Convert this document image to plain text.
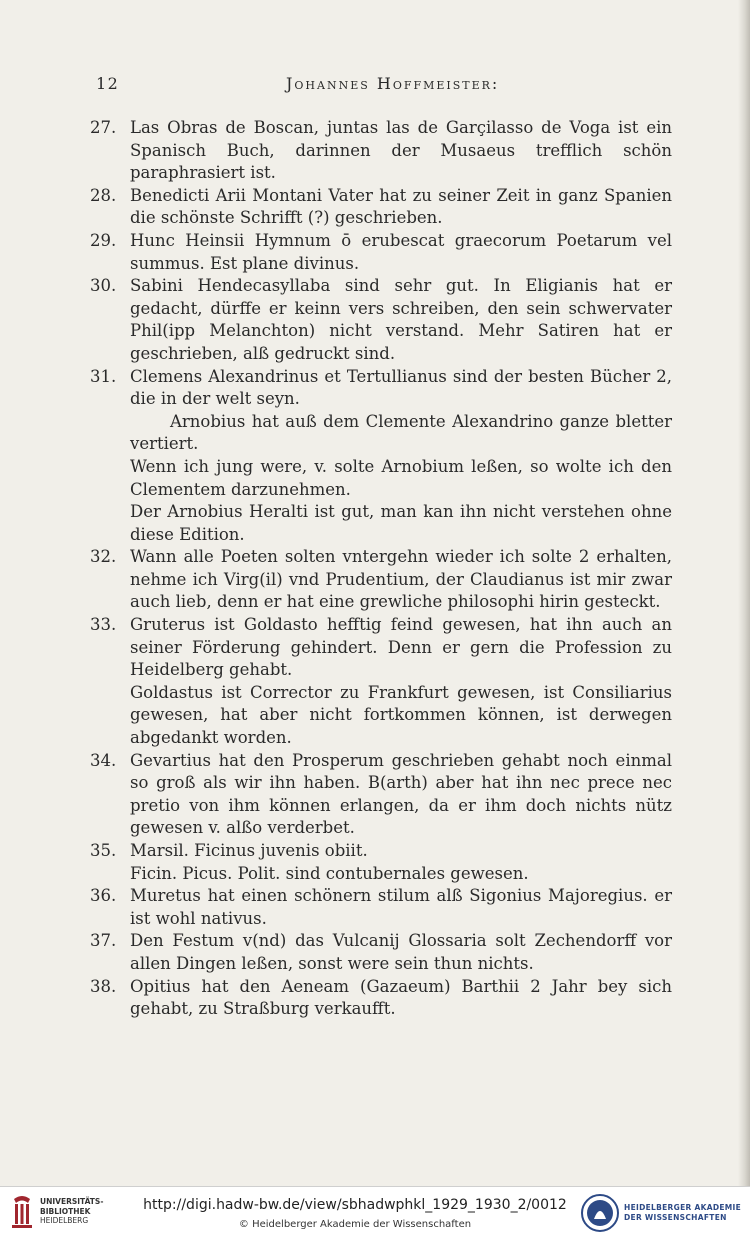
12	Johannes Hoffmeister:
27. Las Obras de Boscan, juntas las de Garçilasso de Voga ist ein Spanisch Buch, darinnen der Musaeus trefflich schön paraphrasiert ist.

28. Benedicti Arii Montani Vater hat zu seiner Zeit in ganz Spanien die schönste Schrifft (?) geschrieben.

29. Hunc Heinsii Hymnum ō erubescat graecorum Poetarum vel summus. Est plane divinus.

30. Sabini Hendecasyllaba sind sehr gut. In Eligianis hat er gedacht, dürffe er keinn vers schreiben, den sein schwervater Phil(ipp Melanchton) nicht verstand. Mehr Satiren hat er geschrieben, alß gedruckt sind.

31. Clemens Alexandrinus et Tertullianus sind der besten Bücher 2, die in der welt seyn.

Arnobius hat auß dem Clemente Alexandrino ganze bletter vertiert.

Wenn ich jung were, v. solte Arnobium leßen, so wolte ich den Clementem darzunehmen.

Der Arnobius Heralti ist gut, man kan ihn nicht verstehen ohne diese Edition.

32. Wann alle Poeten solten vntergehn wieder ich solte 2 erhalten, nehme ich Virg(il) vnd Prudentium, der Claudianus ist mir zwar auch lieb, denn er hat eine grewliche philosophi hirin gesteckt.

33. Gruterus ist Goldasto hefftig feind gewesen, hat ihn auch an seiner Förderung gehindert. Denn er gern die Profession zu Heidelberg gehabt.

Goldastus ist Corrector zu Frankfurt gewesen, ist Consiliarius gewesen, hat aber nicht fortkommen können, ist derwegen abgedankt worden.

34. Gevartius hat den Prosperum geschrieben gehabt noch einmal so groß als wir ihn haben. B(arth) aber hat ihn nec prece nec pretio von ihm können erlangen, da er ihm doch nichts nütz gewesen v. alßo verderbet.

35. Marsil. Ficinus juvenis obiit.

Ficin. Picus. Polit. sind contubernales gewesen.

36. Muretus hat einen schönern stilum alß Sigonius Majoregius. er ist wohl nativus.

37. Den Festum v(nd) das Vulcanij Glossaria solt Zechendorff vor allen Dingen leßen, sonst were sein thun nichts.

38. Opitius hat den Aeneam (Gazaeum) Barthii 2 Jahr bey sich gehabt, zu Straßburg verkaufft.

UNIVERSITÄTS-
BIBLIOTHEK
HEIDELBERG
http://digi.hadw-bw.de/view/sbhadwphkl_1929_1930_2/0012
© Heidelberger Akademie der Wissenschaften
HEIDELBERGER AKADEMIE
DER WISSENSCHAFTEN
